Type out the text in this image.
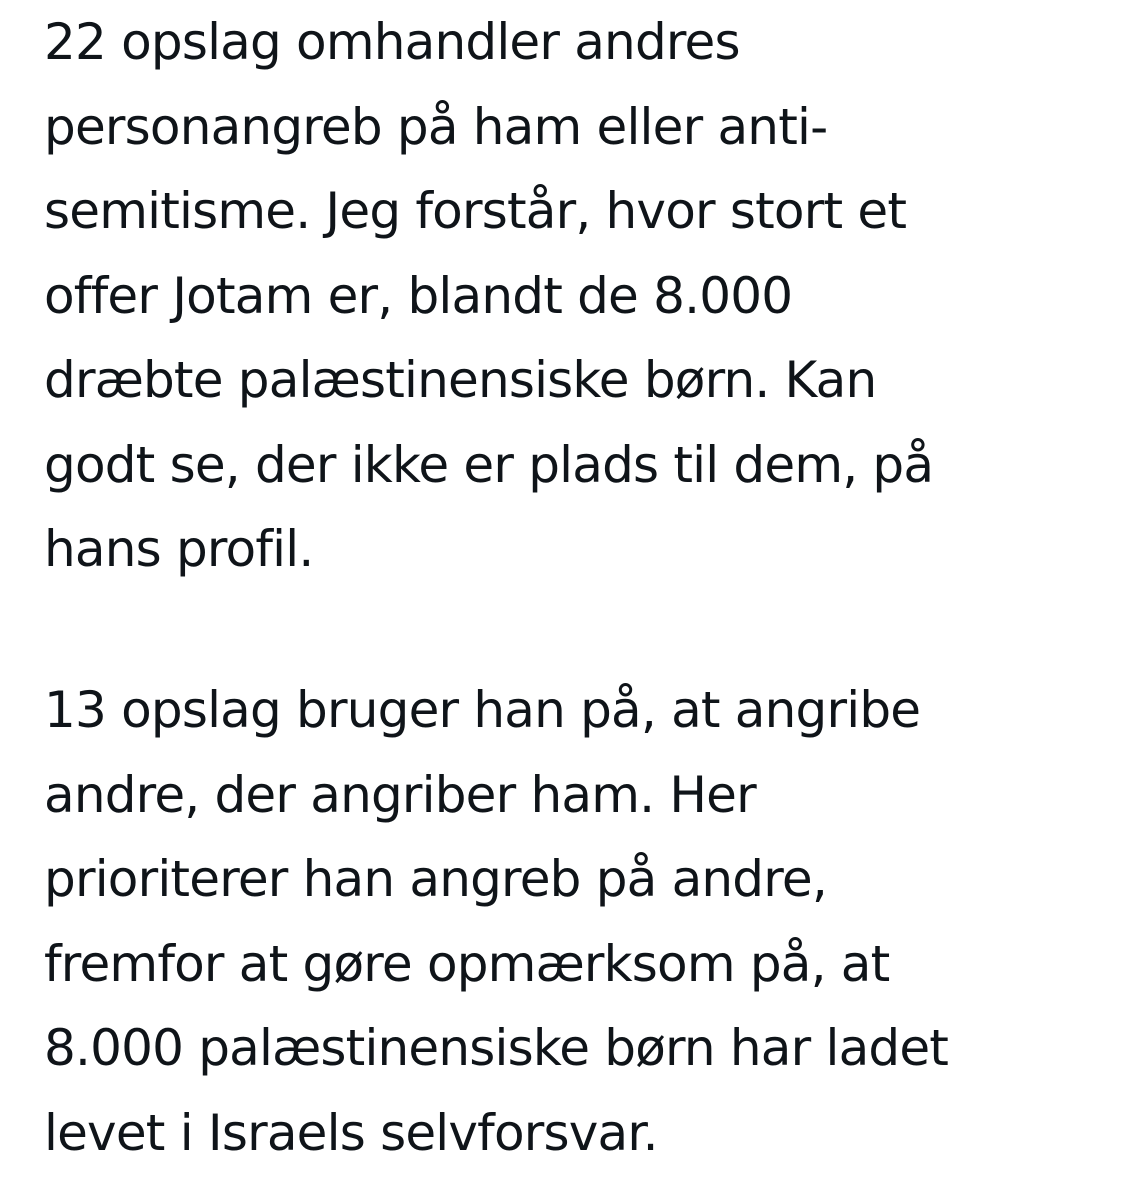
22 opslag omhandler andres
personangreb på ham eller anti-
semitisme. Jeg forstår, hvor stort et
offer Jotam er, blandt de 8.000
dræbte palæstinensiske børn. Kan
godt se, der ikke er plads til dem, på
hans profil.
13 opslag bruger han på, at angribe
andre, der angriber ham. Her
prioriterer han angreb på andre,
fremfor at gøre opmærksom på, at
8.000 palæstinensiske børn har ladet
levet i Israels selvforsvar.
